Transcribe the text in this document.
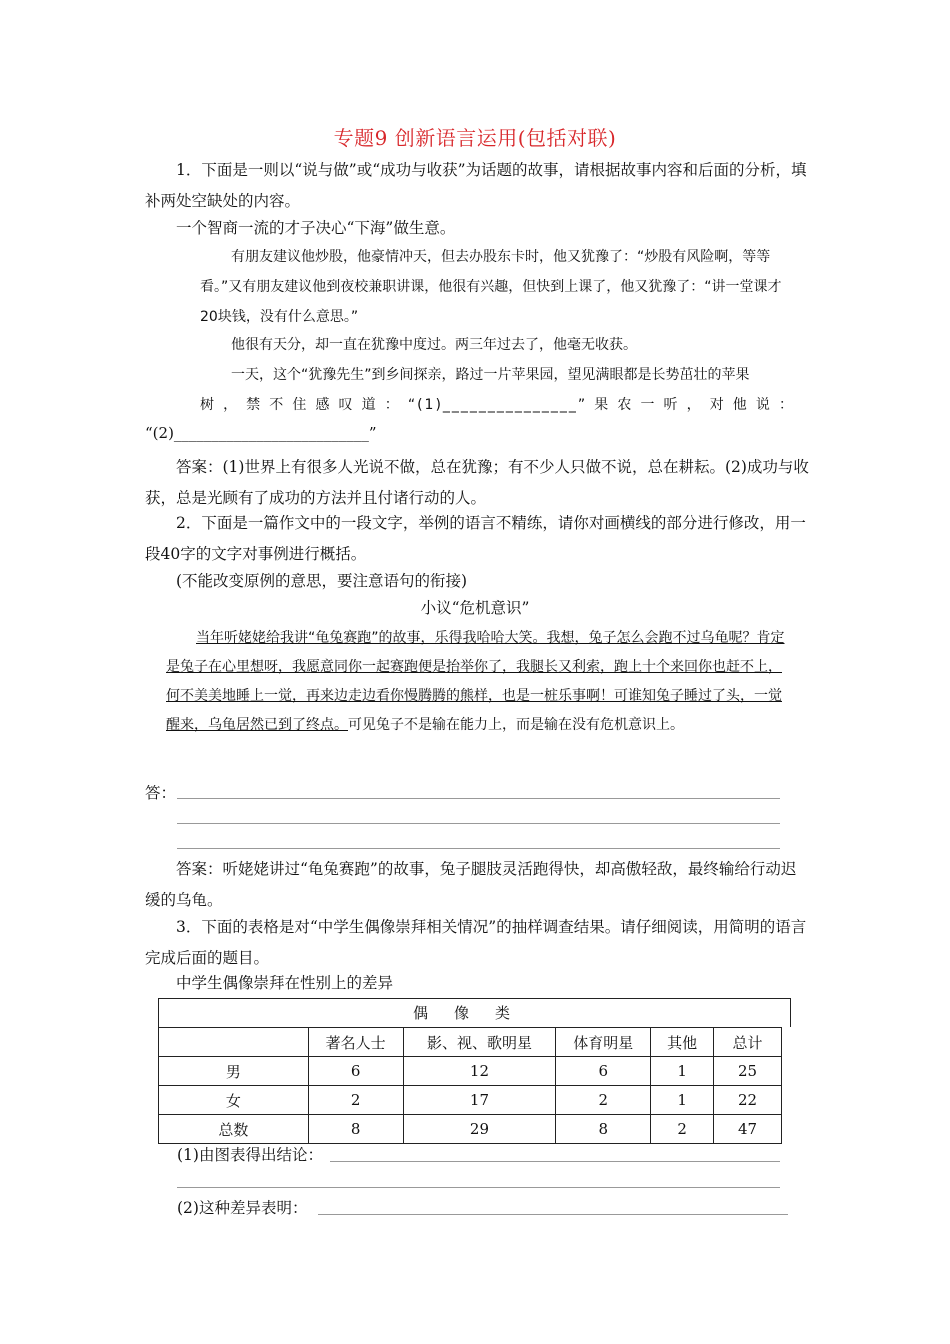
专题9 创新语言运用(包括对联)
1．下面是一则以“说与做”或“成功与收获”为话题的故事，请根据故事内容和后面的分析，填补两处空缺处的内容。
一个智商一流的才子决心“下海”做生意。
有朋友建议他炒股，他豪情冲天，但去办股东卡时，他又犹豫了：“炒股有风险啊，等等看。”又有朋友建议他到夜校兼职讲课，他很有兴趣，但快到上课了，他又犹豫了：“讲一堂课才20块钱，没有什么意思。”
他很有天分，却一直在犹豫中度过。两三年过去了，他毫无收获。
一天，这个“犹豫先生”到乡间探亲，路过一片苹果园，望见满眼都是长势茁壮的苹果
树，禁不住感叹道：“(1)_______________”果农一听，对他说：
“(2)__________________________”
答案：(1)世界上有很多人光说不做，总在犹豫；有不少人只做不说，总在耕耘。(2)成功与收获，总是光顾有了成功的方法并且付诸行动的人。
2．下面是一篇作文中的一段文字，举例的语言不精练，请你对画横线的部分进行修改，用一段40字的文字对事例进行概括。
(不能改变原例的意思，要注意语句的衔接)
小议“危机意识”
当年听姥姥给我讲“龟兔赛跑”的故事，乐得我哈哈大笑。我想，兔子怎么会跑不过乌龟呢？肯定是兔子在心里想呀，我愿意同你一起赛跑便是抬举你了，我腿长又利索，跑上十个来回你也赶不上，何不美美地睡上一觉，再来边走边看你慢腾腾的熊样，也是一桩乐事啊！可谁知兔子睡过了头，一觉醒来，乌龟居然已到了终点。可见兔子不是输在能力上，而是输在没有危机意识上。
答：
答案：听姥姥讲过“龟兔赛跑”的故事，兔子腿肢灵活跑得快，却高傲轻敌，最终输给行动迟缓的乌龟。
3．下面的表格是对“中学生偶像崇拜相关情况”的抽样调查结果。请仔细阅读，用简明的语言完成后面的题目。
中学生偶像崇拜在性别上的差异
偶像类
	著名人士	影、视、歌明星	体育明星	其他	总计
男	6	12	6	1	25
女	2	17	2	1	22
总数	8	29	8	2	47
(1)由图表得出结论：
(2)这种差异表明：
